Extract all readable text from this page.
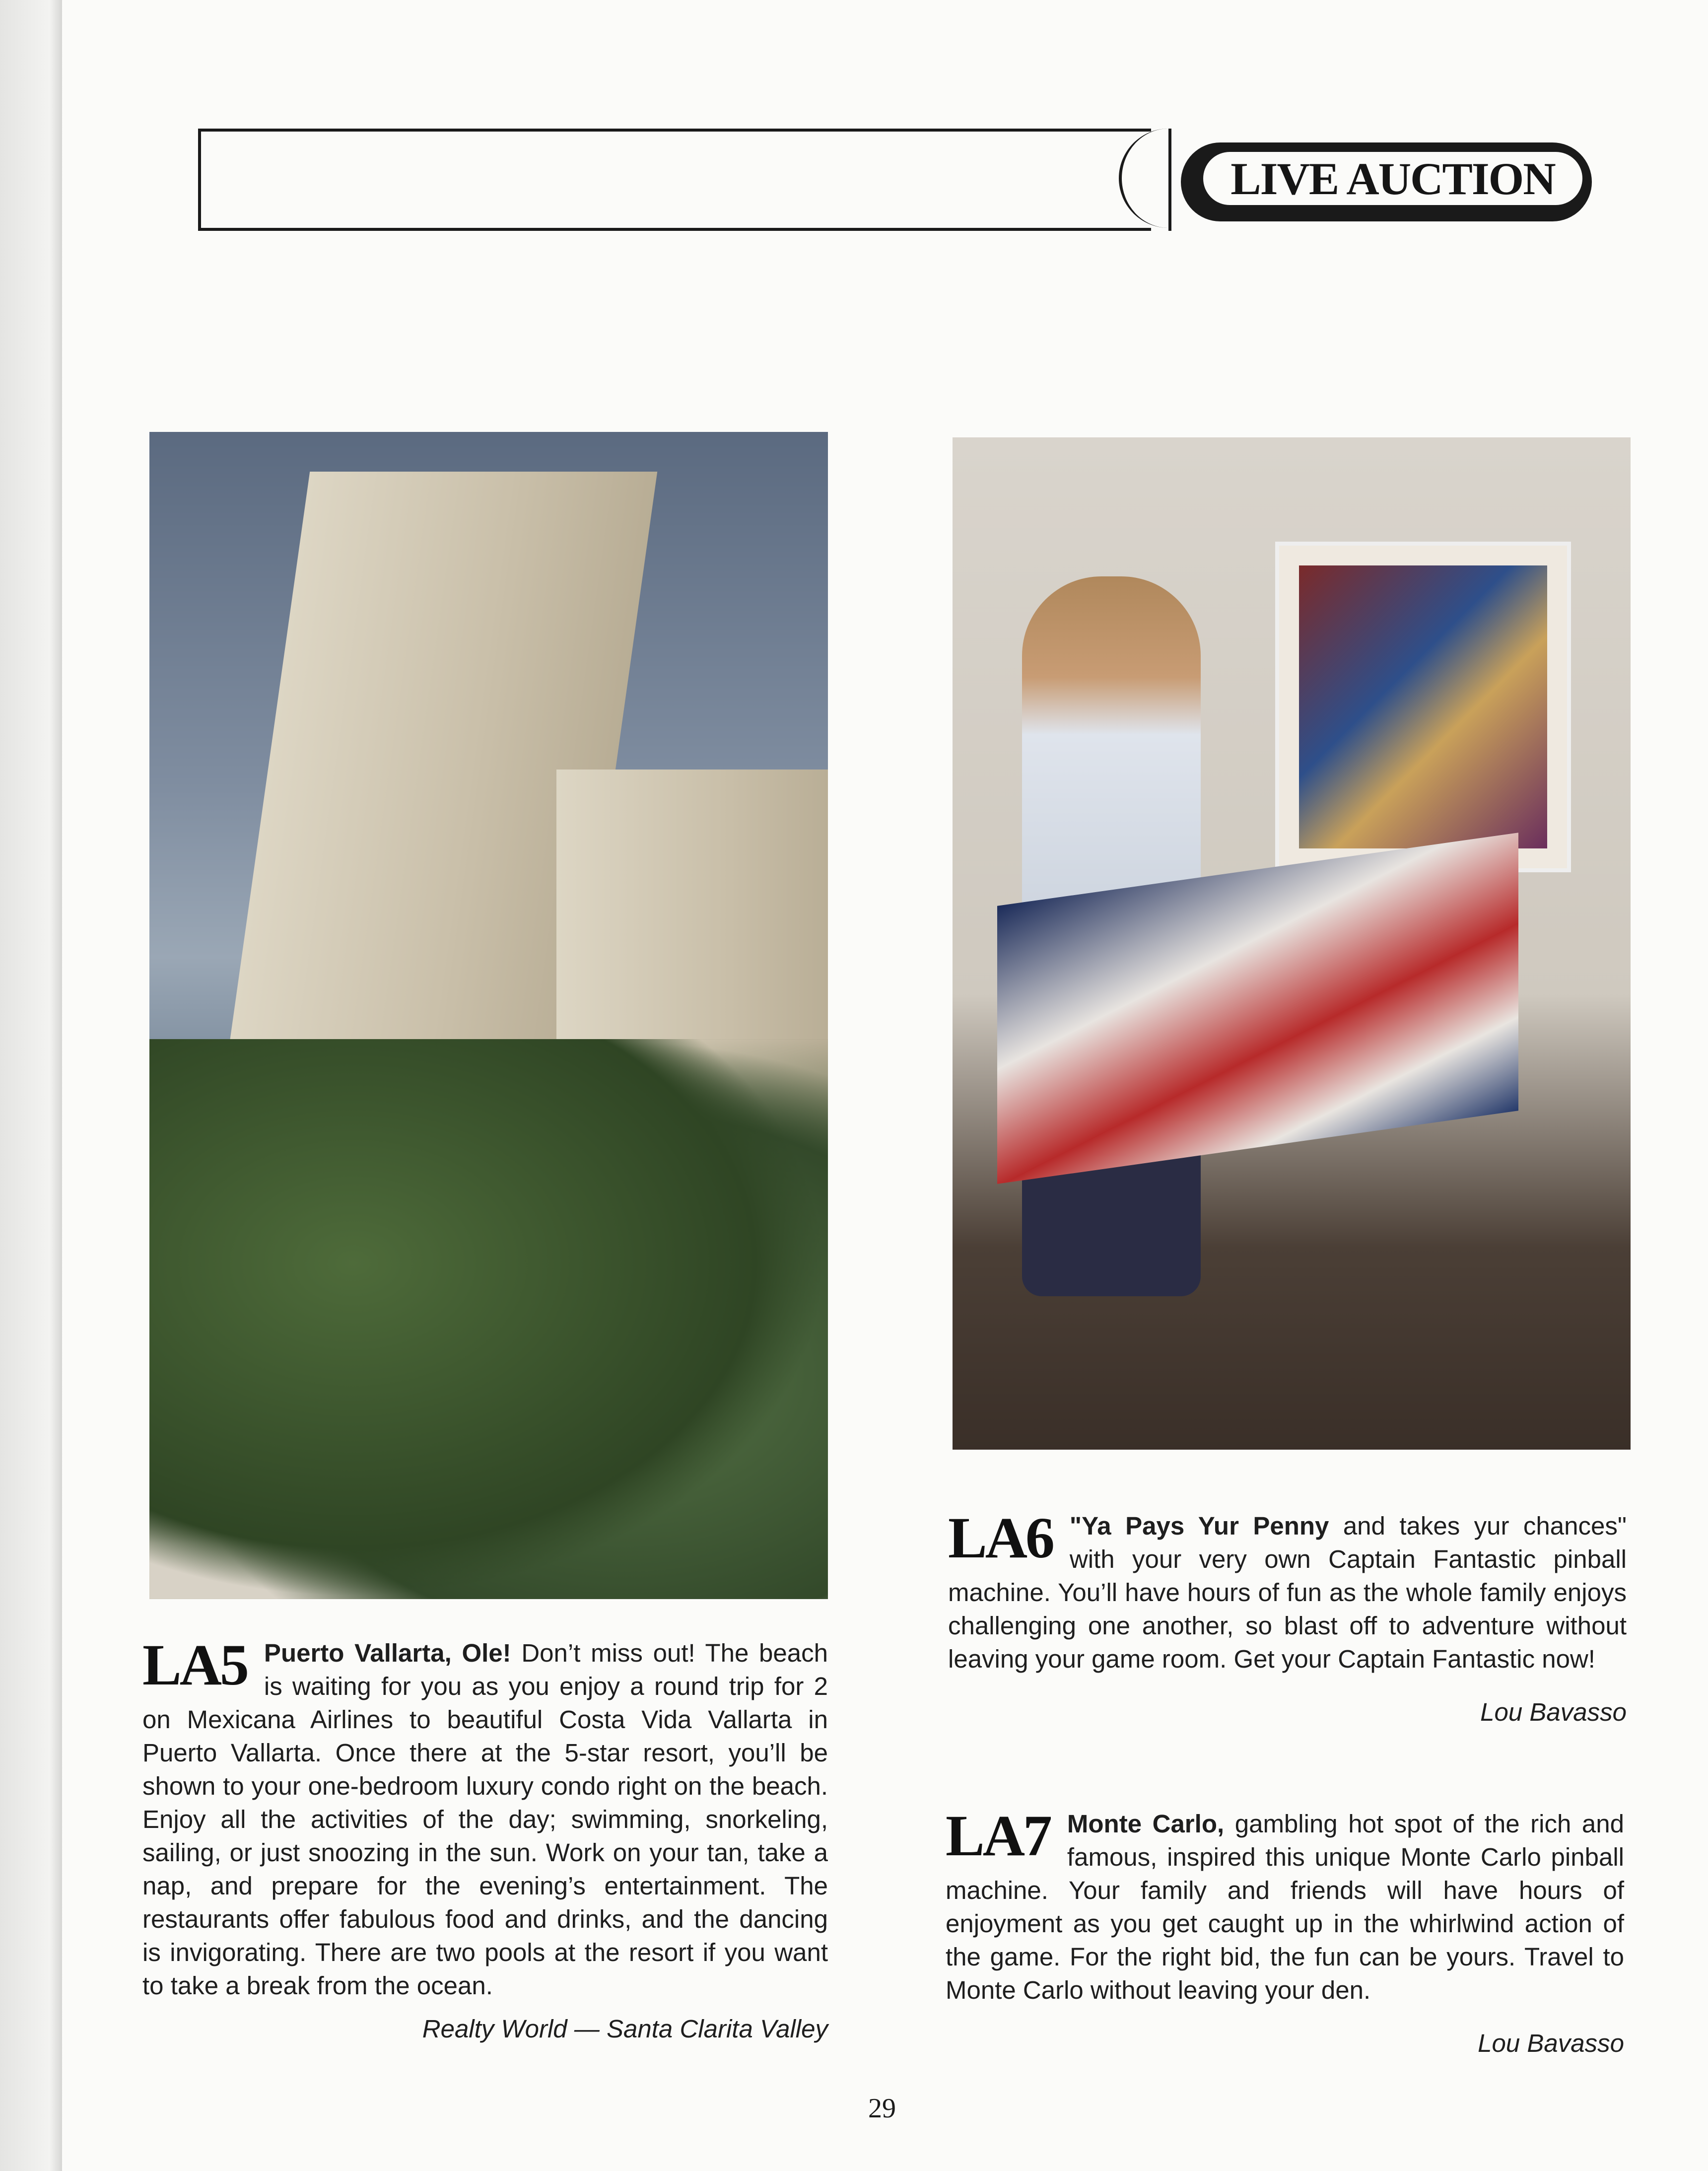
LIVE AUCTION
LA5 Puerto Vallarta, Ole! Don’t miss out! The beach is waiting for you as you enjoy a round trip for 2 on Mexicana Airlines to beautiful Costa Vida Vallarta in Puerto Vallarta. Once there at the 5-star resort, you’ll be shown to your one-bedroom luxury condo right on the beach. Enjoy all the activities of the day; swimming, snorkeling, sailing, or just snoozing in the sun. Work on your tan, take a nap, and prepare for the evening’s entertainment. The restaurants offer fabulous food and drinks, and the dancing is invigorating. There are two pools at the resort if you want to take a break from the ocean.
Realty World — Santa Clarita Valley
LA6 "Ya Pays Yur Penny and takes yur chances" with your very own Captain Fantastic pinball machine. You’ll have hours of fun as the whole family enjoys challenging one another, so blast off to adventure without leaving your game room. Get your Captain Fantastic now!
Lou Bavasso
LA7 Monte Carlo, gambling hot spot of the rich and famous, inspired this unique Monte Carlo pinball machine. Your family and friends will have hours of enjoyment as you get caught up in the whirlwind action of the game. For the right bid, the fun can be yours. Travel to Monte Carlo without leaving your den.
Lou Bavasso
29
